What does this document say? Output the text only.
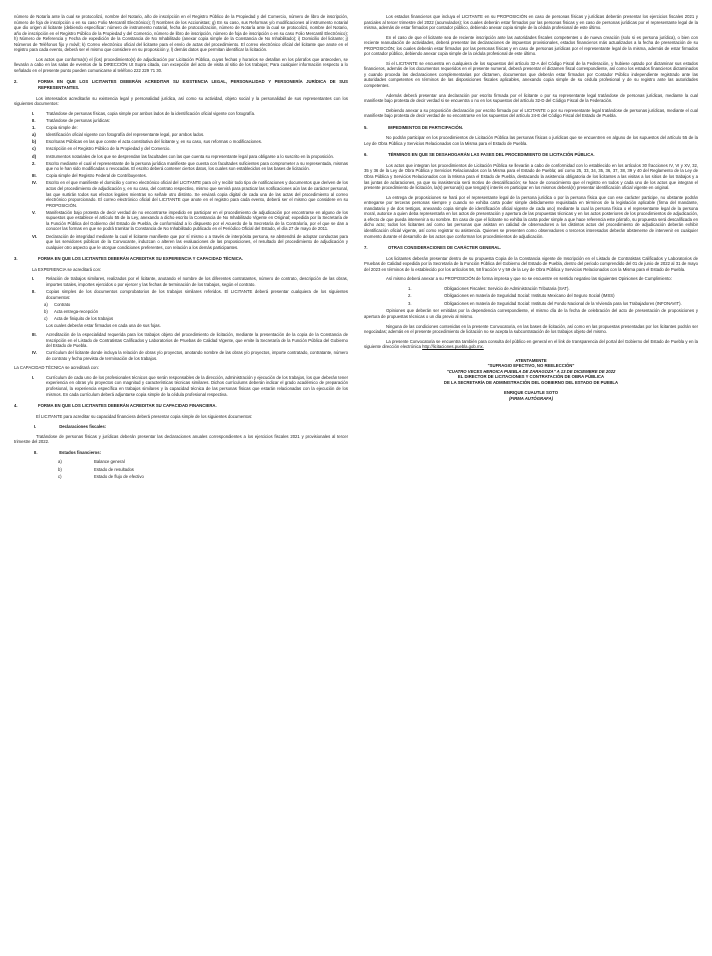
número de Notaría ante la cual se protocolizó, nombre del Notario, año de inscripción en el Registro Público de la Propiedad y del Comercio, número de libro de inscripción, número de foja de inscripción o en su caso Folio Mercantil Electrónico); f) Nombres de los Accionistas; g) En su caso, sus Reformas y/o modificaciones al instrumento notarial que dio origen al licitante (debiendo especificar: número de instrumento notarial, fecha de protocolización, número de Notaría ante la cual se protocolizó, nombre del Notario, año de inscripción en el Registro Público de la Propiedad y del Comercio, número de libro de inscripción, número de foja de inscripción o en su caso Folio Mercantil Electrónico); h) Número de Referencia y Fecha de expedición de la Constancia de No Inhabilitado (anexar copia simple de la Constancia de No Inhabilitado); i) Domicilio del licitante; j) Números de Teléfonos fijo y móvil; k) Correo electrónico oficial del licitante para el envío de actas del procedimiento. El correo electrónico oficial del licitante que anote en el registro para cada evento, deberá ser el mismo que considere en su proposición y, l) demás datos que permitan identificar la licitación.

Los actos que conforma(n) el (los) procedimiento(s) de adjudicación por Licitación Pública, cuyas fechas y horarios se detallan en los párrafos que anteceden, se llevarán a cabo en las salas de eventos de la DIRECCIÓN Ut Supra citada, con excepción del acto de visita al sitio de los trabajos; Para cualquier información respecto a lo señalado en el presente punto pueden comunicarse al teléfono 222 229 71 30.

2.	FORMA EN QUE LOS LICITANTES DEBERÁN ACREDITAR SU EXISTENCIA LEGAL, PERSONALIDAD Y PERSONERÍA JURÍDICA DE SUS REPRESENTANTES.

Los interesados acreditarán su existencia legal y personalidad jurídica, así como su actividad, objeto social y la personalidad de sus representantes con los siguientes documentos:

I.	Tratándose de personas físicas, copia simple por ambos lados de la identificación oficial vigente con fotografía.
II.	Tratándose de personas jurídicas:
1.	Copia simple de:
a)	Identificación oficial vigente con fotografía del representante legal, por ambos lados.
b)	Escrituras Públicas en las que conste el acta constitutiva del licitante y, en su caso, sus reformas o modificaciones.
c)	Inscripción en el Registro Público de la Propiedad y del Comercio.
d)	Instrumentos notariales de los que se desprendan las facultades con las que cuenta su representante legal para obligarse a lo suscrito en la proposición.
2.	Escrito mediante el cual el representante de la persona jurídica manifieste que cuenta con facultades suficientes para comprometer a su representada, mismas que no le han sido modificadas o revocadas. El escrito deberá contener ciertos datos, los cuales son establecidos en las bases de licitación.
III.	Copia simple del Registro Federal de Contribuyentes.
IV.	Escrito en el que manifieste el domicilio y correo electrónico oficial del LICITANTE para oír y recibir todo tipo de notificaciones y documentos que deriven de los actos del procedimiento de adjudicación y, en su caso, del contrato respectivo, mismo que servirá para practicar las notificaciones aún las de carácter personal, las que surtirán todos sus efectos legales mientras no señale otro distinto. Se enviará copia digital de cada una de las actas del procedimiento al correo electrónico proporcionado. El correo electrónico oficial del LICITANTE que anote en el registro para cada evento, deberá ser el mismo que considere en su PROPOSICIÓN.
V.	Manifestación bajo protesta de decir verdad de no encontrarse impedido en participar en el procedimiento de adjudicación por encontrarse en alguno de los supuestos que establece el artículo 55 de la Ley, anexando a dicho escrito la Constancia de No Inhabilitado Vigente en Original; expedida por la Secretaría de la Función Pública del Gobierno del Estado de Puebla, de conformidad a lo dispuesto por el Acuerdo de la Secretaría de la Contraloría, por el que se dan a conocer las formas en que se podrá tramitar la Constancia de No Inhabilitado publicado en el Periódico Oficial del Estado, el día 27 de mayo de 2011.
VI.	Declaración de integridad mediante la cual el licitante manifieste que por sí mismo o a través de interpósita persona, se abstendrá de adoptar conductas para que los servidores públicos de la Convocante, induzcan o alteren las evaluaciones de las proposiciones, el resultado del procedimiento de adjudicación y cualquier otro aspecto que le otorgue condiciones preferentes, con relación a los demás participantes.
3.	FORMA EN QUE LOS LICITANTES DEBERÁN ACREDITAR SU EXPERIENCIA Y CAPACIDAD TÉCNICA.

La EXPERIENCIA se acreditará con:

I.	Relación de trabajos similares, realizados por el licitante, anotando el nombre de los diferentes contratantes, número de contrato, descripción de las obras, importes totales, importes ejercidos o por ejercer y las fechas de terminación de los trabajos, según el contrato.
II.	Copias simples de los documentos comprobatorios de los trabajos similares referidos. El LICITANTE deberá presentar cualquiera de los siguientes documentos:
a)	Contrato
b)	Acta entrega-recepción
c)	Acta de finiquito de los trabajos

Los cuales deberán estar firmados en cada una de sus fojas.

III.	Acreditación de la especialidad requerida para los trabajos objeto del procedimiento de licitación, mediante la presentación de la copia de la Constancia de Inscripción en el Listado de Contratistas Calificados y Laboratorios de Pruebas de Calidad Vigente, que emite la Secretaría de la Función Pública del Gobierno del Estado de Puebla.
IV.	Currículum del licitante donde incluya la relación de obras y/o proyectos, anotando nombre de las obras y/o proyectos, importe contratado, contratante, número de contrato y fecha prevista de terminación de los trabajos.

La CAPACIDAD TÉCNICA se acreditará con:

I.	Currículum de cada uno de los profesionales técnicos que serán responsables de la dirección, administración y ejecución de los trabajos, los que deberán tener experiencia en obras y/o proyectos con magnitud y características técnicas similares. Dichos currículums deberán indicar el grado académico de preparación profesional, la experiencia específica en trabajos similares y la capacidad técnica de las personas físicas que estarán relacionadas con la ejecución de los mismos. En cada currículum deberá adjuntarse copia simple de la cédula profesional respectiva.
4.	FORMA EN QUE LOS LICITANTES DEBERÁN ACREDITAR SU CAPACIDAD FINANCIERA.

El LICITANTE para acreditar su capacidad financiera deberá presentar copia simple de los siguientes documentos:

I.	Declaraciones fiscales:

Tratándose de personas físicas y jurídicas deberán presentar las declaraciones anuales correspondientes a los ejercicios fiscales 2021 y provisionales al tercer trimestre del 2022.

II.	Estados financieros:
a)	Balance general
b)	Estado de resultados
c)	Estado de flujo de efectivo

Los estados financieros que incluya el LICITANTE en su PROPOSICIÓN en caso de personas físicas y jurídicas deberán presentar los ejercicios fiscales 2021 y parciales al tercer trimestre del 2022 (acumulados); los cuales deberán estar firmados por las personas físicas y en caso de personas jurídicas por el representante legal de la misma, además de estar firmados por contador público, debiendo anexar copia simple de la cédula profesional de este último.

En el caso de que el licitante sea de reciente inscripción ante las autoridades fiscales competentes o de nueva creación (solo si es persona jurídica), o bien con reciente reanudación de actividades, deberá presentar las declaraciones de impuestos provisionales, estados financieros más actualizados a la fecha de presentación de su PROPOSICIÓN; los cuales deberán estar firmados por las personas físicas y en caso de personas jurídicas por el representante legal de la misma, además de estar firmados por contador público, debiendo anexar copia simple de la cédula profesional de este último.

Si el LICITANTE se encuentra en cualquiera de los supuestos del artículo 32-A del Código Fiscal de la Federación, y hubiese optado por dictaminar sus estados financieros, además de los documentos requeridos en el presente numeral, deberá presentar el dictamen fiscal correspondiente, así como los estados financieros dictaminados y cuando proceda las declaraciones complementarias por dictamen, documentos que deberán estar firmados por Contador Público independiente registrado ante las autoridades competentes en términos de las disposiciones fiscales aplicables, anexando copia simple de su cédula profesional y de su registro ante las autoridades competentes.

Además deberá presentar una declaración por escrito firmada por el licitante o por su representante legal tratándose de personas jurídicas, mediante la cual manifieste bajo protesta de decir verdad si se encuentra o no en los supuestos del artículo 32-D del Código Fiscal de la Federación.

Debiendo anexar a su proposición declaración por escrito firmada por el LICITANTE o por su representante legal tratándose de personas jurídicas, mediante el cual manifieste bajo protesta de decir verdad de no encontrarse en los supuestos del artículo 24-E del Código Fiscal del Estado de Puebla.

5.	IMPEDIMENTOS DE PARTICIPACIÓN.

No podrán participar en los procedimientos de Licitación Pública las personas físicas o jurídicas que se encuentren en alguno de los supuestos del artículo 55 de la Ley de Obra Pública y Servicios Relacionados con la Misma para el Estado de Puebla.

6.	TÉRMINOS EN QUE SE DESAHOGARÁN LAS FASES DEL PROCEDIMIENTO DE LICITACIÓN PÚBLICA.

Los actos que integran los procedimientos de Licitación Pública se llevarán a cabo de conformidad con lo establecido en los artículos 30 fracciones IV, VI y XV, 32, 35 y 36 de la Ley de Obra Pública y Servicios Relacionados con la Misma para el Estado de Puebla; así como 25, 33, 34, 35, 36, 37, 38, 39 y 40 del Reglamento de la Ley de Obra Pública y Servicios Relacionados con la Misma para el Estado de Puebla, destacando la asistencia obligatoria de los licitantes a las visitas a los sitios de los trabajos y a las juntas de aclaraciones, ya que su inasistencia será motivo de descalificación; se hace de conocimiento que el registro en todos y cada uno de los actos que integran el presente procedimiento de licitación, la(s) persona(s) que tenga(n) interés en participar en los mismos deberá(n) presentar identificación oficial vigente en original.

La entrega de proposiciones se hará por el representante legal de la persona jurídica o por la persona física que con ese carácter participe, no obstante podrán entregarse por terceras personas siempre y cuando se exhiba carta poder simple debidamente requisitada en términos de la legislación aplicable (firma del mandante, mandatario y de dos testigos, anexando copia simple de identificación oficial vigente de cada uno) mediante la cual la persona física o el representante legal de la persona moral, autorice a quien deba representarla en los actos de presentación y apertura de las propuestas técnicas y en los actos posteriores de los procedimientos de adjudicación, a efecto de que pueda intervenir a su nombre. En caso de que el licitante no exhiba la carta poder simple a que hace referencia este párrafo, su propuesta será descalificada en dicho acto; todos los licitantes así como las personas que asistan en calidad de observadores a los distintos actos del procedimiento de adjudicación deberán exhibir identificación oficial vigente, así como registrar su asistencia. Quienes se presenten como observadores o terceros interesados deberán abstenerse de intervenir en cualquier momento durante el desarrollo de los actos que conforman los procedimientos de adjudicación.

7.	OTRAS CONSIDERACIONES DE CARÁCTER GENERAL.

Los licitantes deberán presentar dentro de su propuesta Copia de la Constancia vigente de Inscripción en el Listado de Contratistas Calificados y Laboratorios de Pruebas de Calidad expedida por la Secretaría de la Función Pública del Gobierno del Estado de Puebla, dentro del periodo comprendido del 01 de junio de 2022 al 31 de mayo del 2023 en términos de lo establecido por los artículos 56, 58 fracción V y 59 de la Ley de Obra Pública y Servicios Relacionados con la Misma para el Estado de Puebla.

Así mismo deberá anexar a su PROPOSICIÓN de forma impresa y que no se encuentre en sentido negativo las siguientes Opiniones de Cumplimiento:

1.	Obligaciones Fiscales: Servicio de Administración Tributaria (SAT).
2.	Obligaciones en materia de Seguridad Social: Instituto Mexicano del Seguro Social (IMSS)
3.	Obligaciones en materia de Seguridad Social: Instituto del Fondo Nacional de la Vivienda para los Trabajadores (INFONAVIT).

Opiniones que deberán ser emitidas por la dependencia correspondiente, el mismo día de la fecha de celebración del acto de presentación de proposiciones y apertura de propuestas técnicas o un día previo al mismo.

Ninguna de las condiciones contenidas en la presente Convocatoria, en las bases de licitación, así como en las propuestas presentadas por los licitantes podrán ser negociadas; además en el presente procedimiento de licitación no se acepta la subcontratación de los trabajos objeto del mismo.

La presente Convocatoria se encuentra también para consulta del público en general en el link de transparencia del portal del Gobierno del Estado de Puebla y en la siguiente dirección electrónica http://licitaciones.puebla.gob.mx.

ATENTAMENTE
"SUFRAGIO EFECTIVO, NO REELECCIÓN"
"CUATRO VECES HEROICA PUEBLA DE ZARAGOZA" A 13 DE DICIEMBRE DE 2022
EL DIRECTOR DE LICITACIONES Y CONTRATACIÓN DE OBRA PÚBLICA
DE LA SECRETARÍA DE ADMINISTRACIÓN DEL GOBIERNO DEL ESTADO DE PUEBLA
ENRIQUE CUAUTLE SOTO
(FIRMA AUTÓGRAFA)
